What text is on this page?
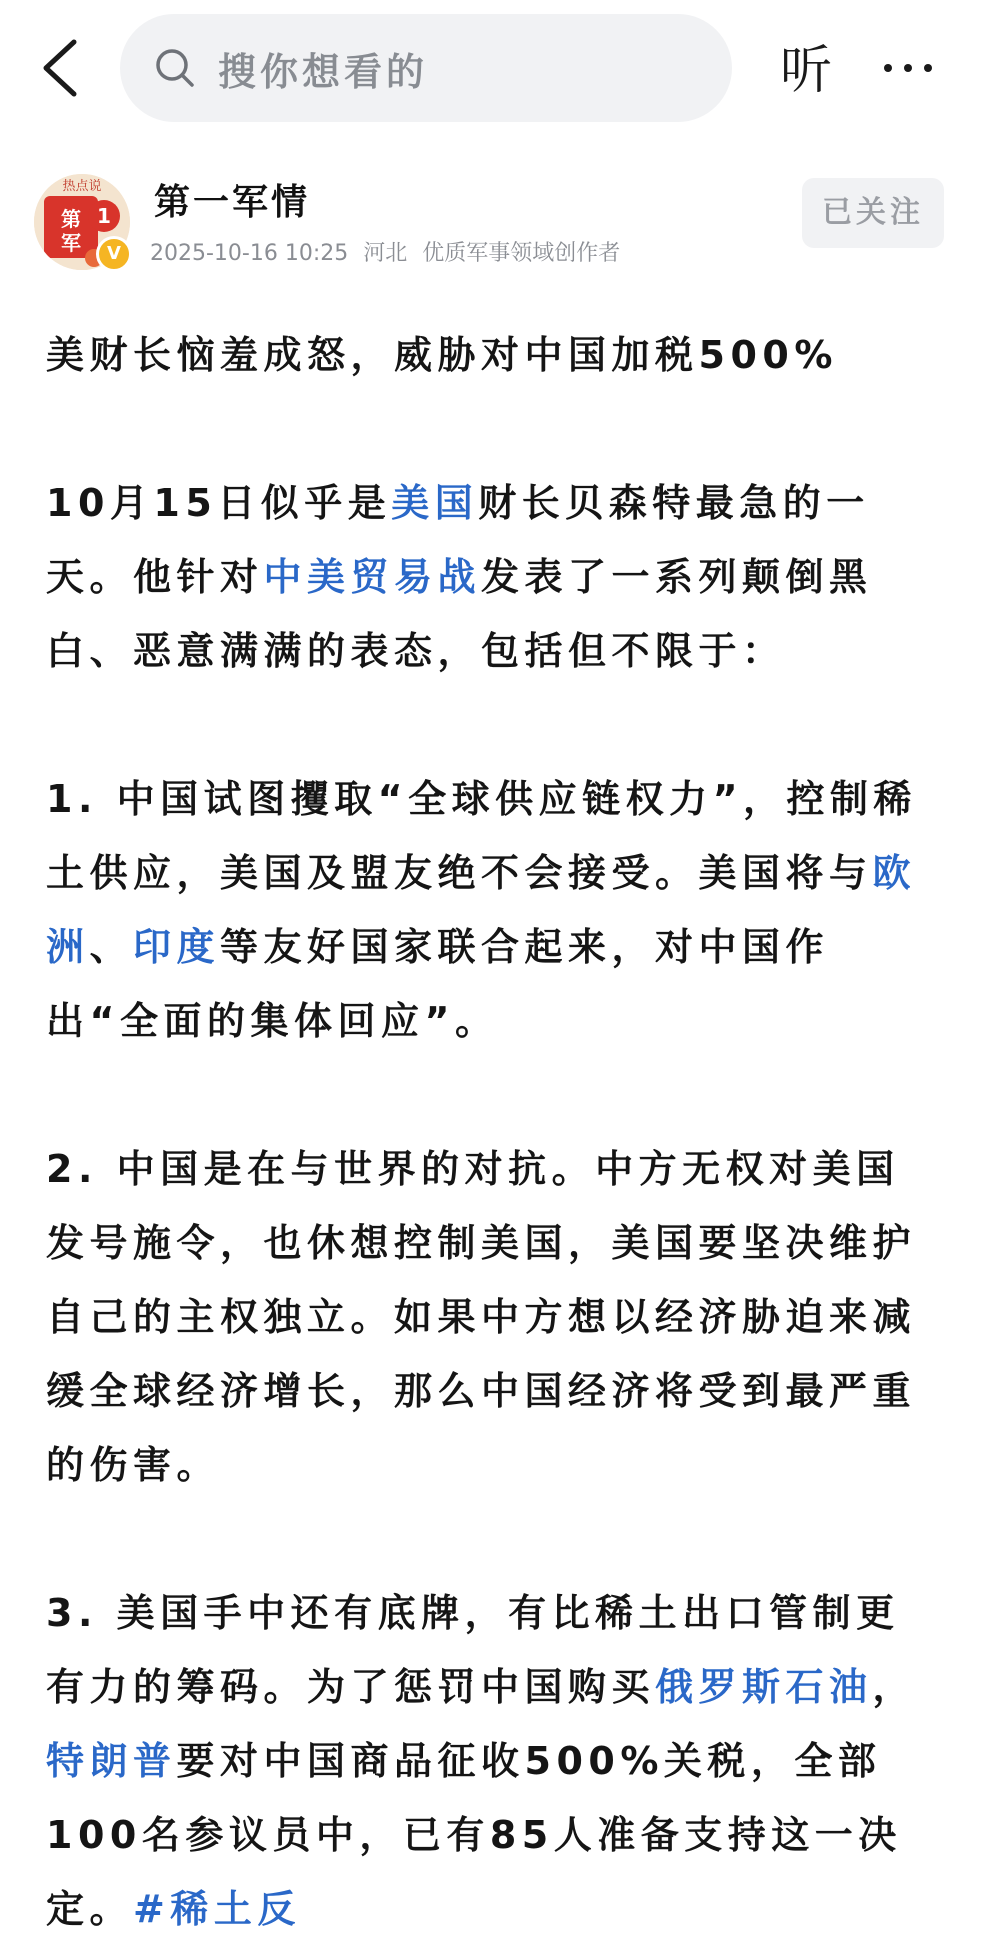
搜你想看的	听
第
军
1
热点说
V
第一军情
2025-10-16 10:25 河北 优质军事领域创作者
已关注

美财长恼羞成怒，威胁对中国加税500%

10月15日似乎是美国财长贝森特最急的一天。他针对中美贸易战发表了一系列颠倒黑白、恶意满满的表态，包括但不限于：

1. 中国试图攫取“全球供应链权力”，控制稀土供应，美国及盟友绝不会接受。美国将与欧洲、印度等友好国家联合起来，对中国作出“全面的集体回应”。

2. 中国是在与世界的对抗。中方无权对美国发号施令，也休想控制美国，美国要坚决维护自己的主权独立。如果中方想以经济胁迫来减缓全球经济增长，那么中国经济将受到最严重的伤害。

3. 美国手中还有底牌，有比稀土出口管制更有力的筹码。为了惩罚中国购买俄罗斯石油，特朗普要对中国商品征收500%关税，全部100名参议员中，已有85人准备支持这一决定。#稀土反
